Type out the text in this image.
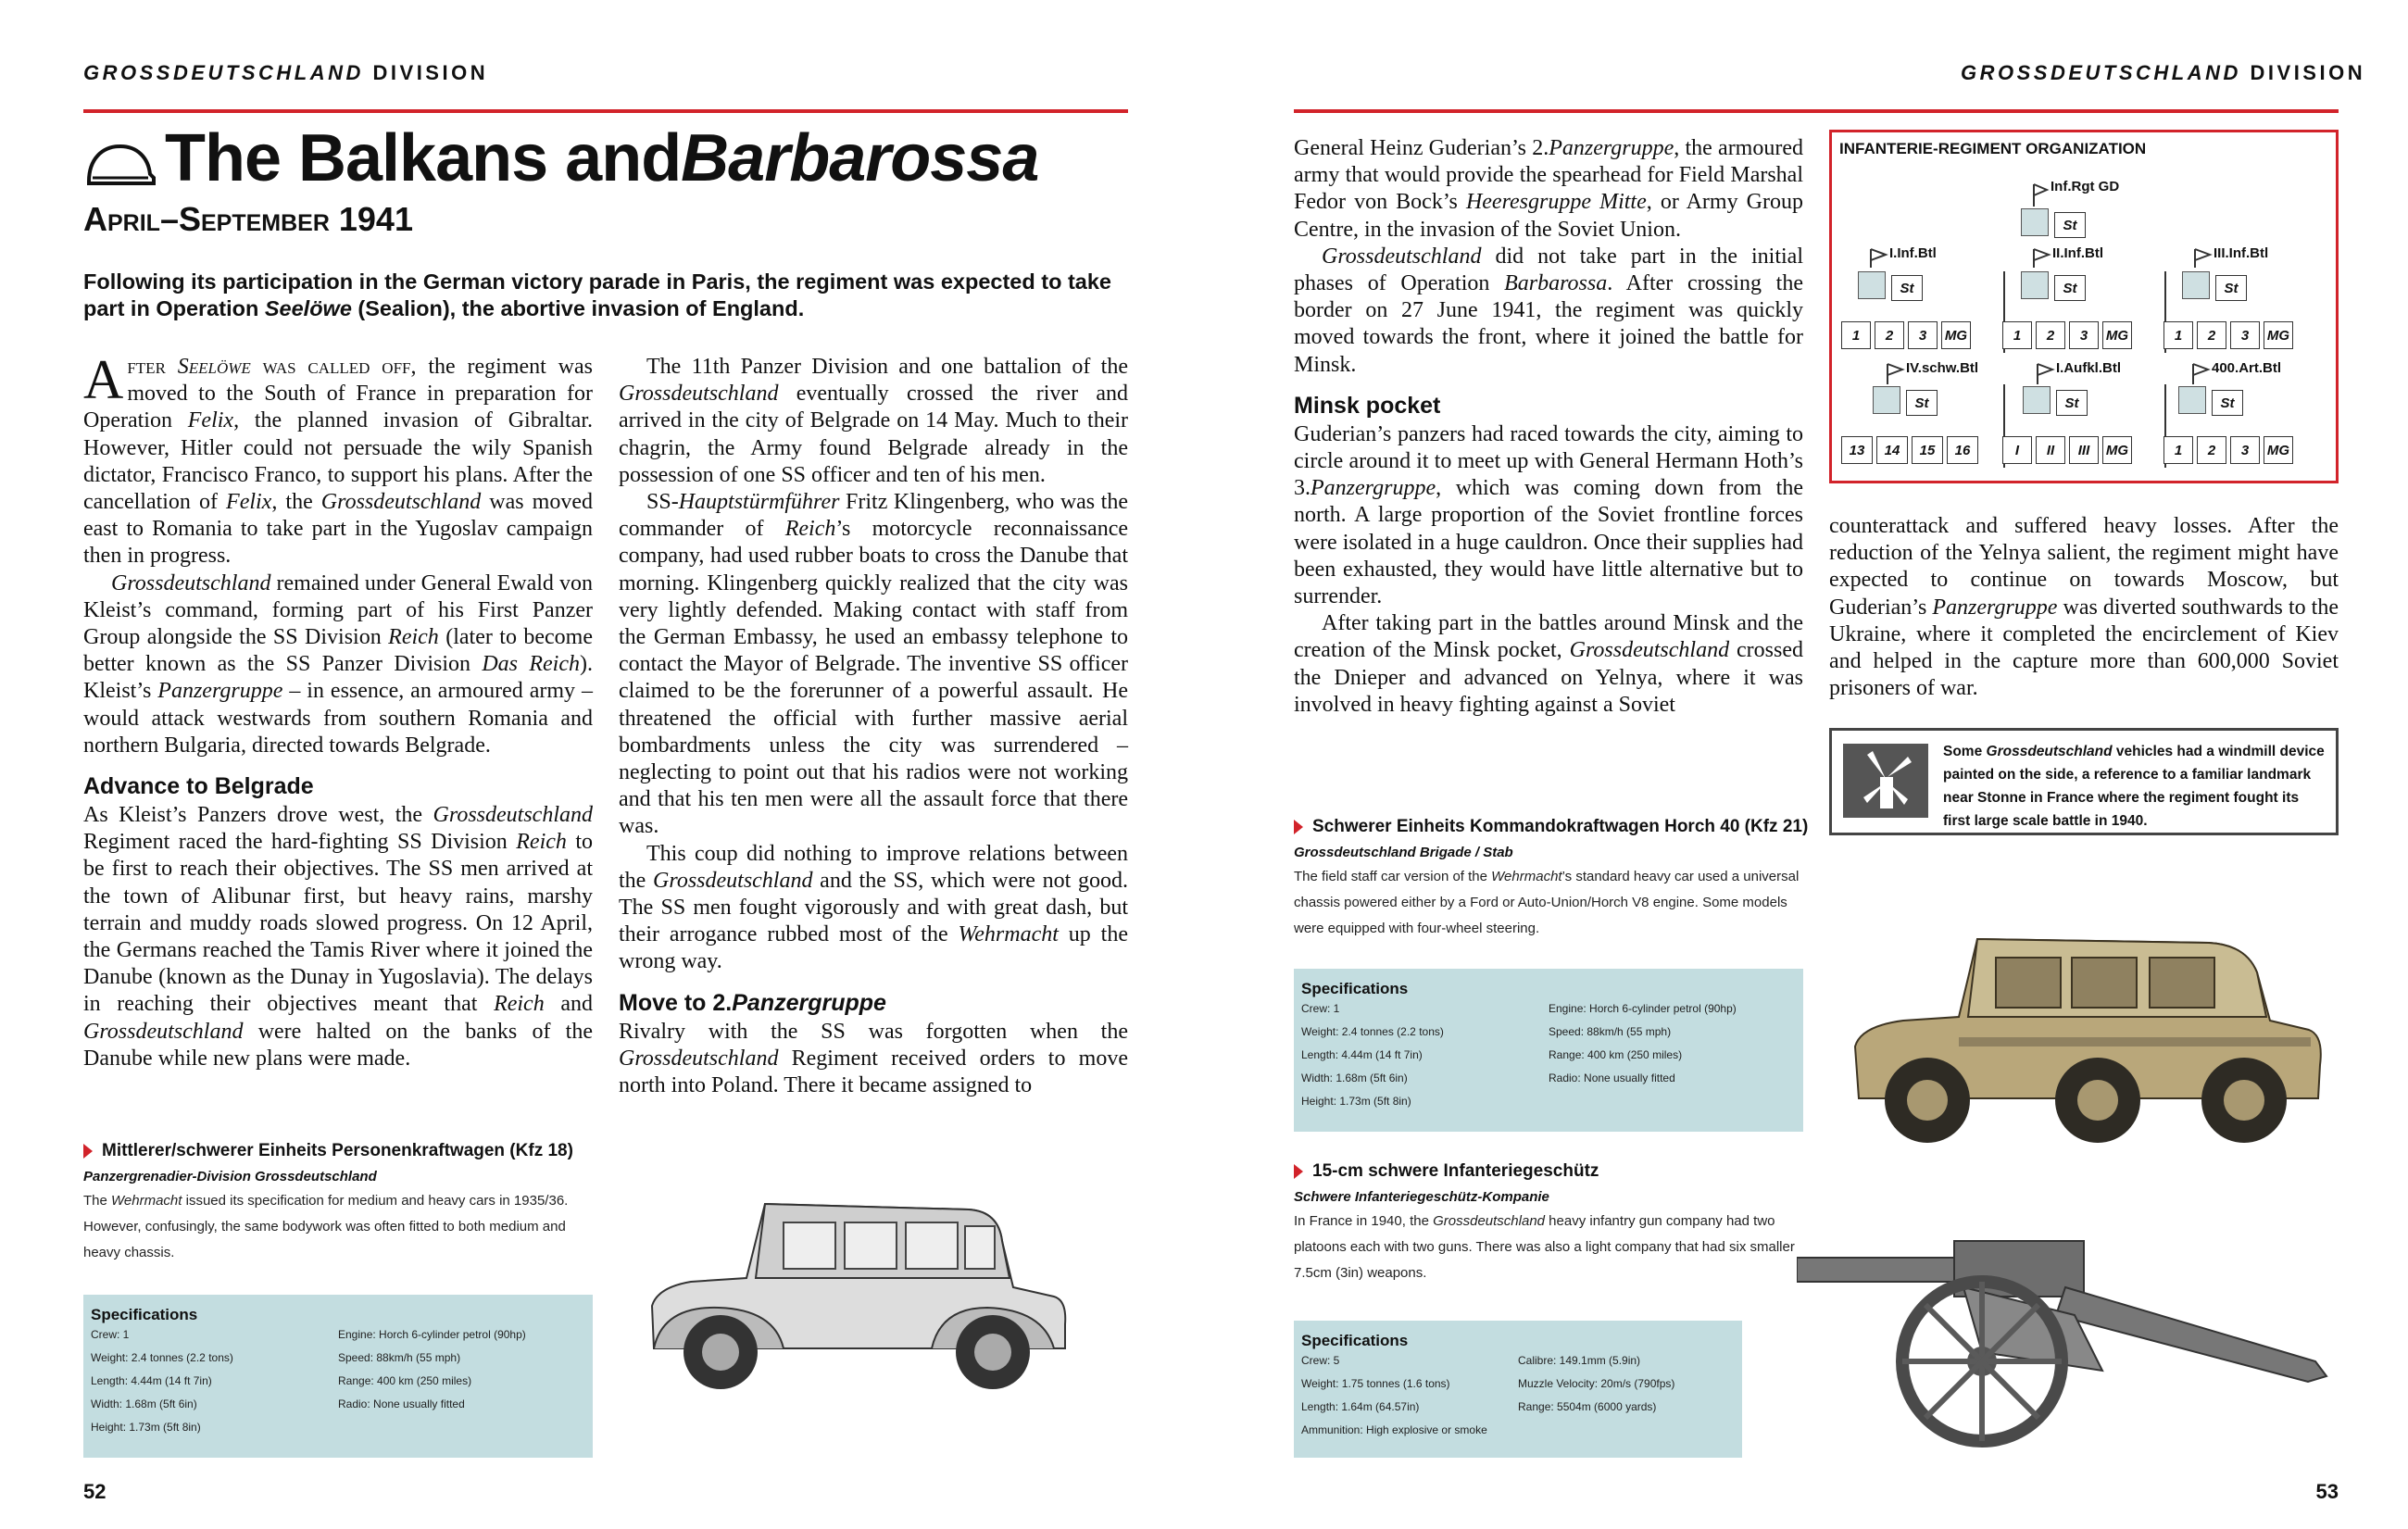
GROSSDEUTSCHLAND DIVISION	GROSSDEUTSCHLAND DIVISION
The Balkans and Barbarossa
April–September 1941
Following its participation in the German victory parade in Paris, the regiment was expected to take part in Operation Seelöwe (Sealion), the abortive invasion of England.

After Seelöwe was called off, the regiment was moved to the South of France in preparation for Operation Felix, the planned invasion of Gibraltar. However, Hitler could not persuade the wily Spanish dictator, Francisco Franco, to support his plans. After the cancellation of Felix, the Grossdeutschland was moved east to Romania to take part in the Yugoslav campaign then in progress.

Grossdeutschland remained under General Ewald von Kleist’s command, forming part of his First Panzer Group alongside the SS Division Reich (later to become better known as the SS Panzer Division Das Reich). Kleist’s Panzergruppe – in essence, an armoured army – would attack westwards from southern Romania and northern Bulgaria, directed towards Belgrade.

Advance to Belgrade

As Kleist’s Panzers drove west, the Grossdeutschland Regiment raced the hard-fighting SS Division Reich to be first to reach their objectives. The SS men arrived at the town of Alibunar first, but heavy rains, marshy terrain and muddy roads slowed progress. On 12 April, the Germans reached the Tamis River where it joined the Danube (known as the Dunay in Yugoslavia). The delays in reaching their objectives meant that Reich and Grossdeutschland were halted on the banks of the Danube while new plans were made.

The 11th Panzer Division and one battalion of the Grossdeutschland eventually crossed the river and arrived in the city of Belgrade on 14 May. Much to their chagrin, the Army found Belgrade already in the possession of one SS officer and ten of his men.

SS-Hauptstürmführer Fritz Klingenberg, who was the commander of Reich’s motorcycle reconnaissance company, had used rubber boats to cross the Danube that morning. Klingenberg quickly realized that the city was very lightly defended. Making contact with staff from the German Embassy, he used an embassy telephone to contact the Mayor of Belgrade. The inventive SS officer claimed to be the forerunner of a powerful assault. He threatened the official with further massive aerial bombardments unless the city was surrendered – neglecting to point out that his radios were not working and that his ten men were all the assault force that there was.

This coup did nothing to improve relations between the Grossdeutschland and the SS, which were not good. The SS men fought vigorously and with great dash, but their arrogance rubbed most of the Wehrmacht up the wrong way.

Move to 2.Panzergruppe

Rivalry with the SS was forgotten when the Grossdeutschland Regiment received orders to move north into Poland. There it became assigned to

General Heinz Guderian’s 2.Panzergruppe, the armoured army that would provide the spearhead for Field Marshal Fedor von Bock’s Heeresgruppe Mitte, or Army Group Centre, in the invasion of the Soviet Union.

Grossdeutschland did not take part in the initial phases of Operation Barbarossa. After crossing the border on 27 June 1941, the regiment was quickly moved towards the front, where it joined the battle for Minsk.

Minsk pocket

Guderian’s panzers had raced towards the city, aiming to circle around it to meet up with General Hermann Hoth’s 3.Panzergruppe, which was coming down from the north. A large proportion of the Soviet frontline forces were isolated in a huge cauldron. Once their supplies had been exhausted, they would have little alternative but to surrender.

After taking part in the battles around Minsk and the creation of the Minsk pocket, Grossdeutschland crossed the Dnieper and advanced on Yelnya, where it was involved in heavy fighting against a Soviet

counterattack and suffered heavy losses. After the reduction of the Yelnya salient, the regiment might have expected to continue on towards Moscow, but Guderian’s Panzergruppe was diverted southwards to the Ukraine, where it completed the encirclement of Kiev and helped in the capture more than 600,000 Soviet prisoners of war.

INFANTERIE-REGIMENT ORGANIZATION
St
Inf.Rgt GD
I.Inf.Btl	II.Inf.Btl	III.Inf.Btl
St	St	St
1	2	3	MG	1	2	3	MG	1	2	3	MG
IV.schw.Btl	I.Aufkl.Btl	400.Art.Btl
St	St	St
13	14	15	16	I	II	III	MG	1	2	3	MG
Some Grossdeutschland vehicles had a windmill device painted on the side, a reference to a familiar landmark near Stonne in France where the regiment fought its first large scale battle in 1940.
Mittlerer/schwerer Einheits Personenkraftwagen (Kfz 18)
Panzergrenadier-Division Grossdeutschland
The Wehrmacht issued its specification for medium and heavy cars in 1935/36. However, confusingly, the same bodywork was often fitted to both medium and heavy chassis.
Specifications
Crew: 1	Engine: Horch 6-cylinder petrol (90hp)
Weight: 2.4 tonnes (2.2 tons)	Speed: 88km/h (55 mph)
Length: 4.44m (14 ft 7in)	Range: 400 km (250 miles)
Width: 1.68m (5ft 6in)	Radio: None usually fitted
Height: 1.73m (5ft 8in)
Schwerer Einheits Kommandokraftwagen Horch 40 (Kfz 21)
Grossdeutschland Brigade / Stab
The field staff car version of the Wehrmacht’s standard heavy car used a universal chassis powered either by a Ford or Auto-Union/Horch V8 engine. Some models were equipped with four-wheel steering.
Specifications
Crew: 1	Engine: Horch 6-cylinder petrol (90hp)
Weight: 2.4 tonnes (2.2 tons)	Speed: 88km/h (55 mph)
Length: 4.44m (14 ft 7in)	Range: 400 km (250 miles)
Width: 1.68m (5ft 6in)	Radio: None usually fitted
Height: 1.73m (5ft 8in)
15-cm schwere Infanteriegeschütz
Schwere Infanteriegeschütz-Kompanie
In France in 1940, the Grossdeutschland heavy infantry gun company had two platoons each with two guns. There was also a light company that had six smaller 7.5cm (3in) weapons.
Specifications
Crew: 5	Calibre: 149.1mm (5.9in)
Weight: 1.75 tonnes (1.6 tons)	Muzzle Velocity: 20m/s (790fps)
Length: 1.64m (64.57in)	Range: 5504m (6000 yards)
Ammunition: High explosive or smoke
52	53
